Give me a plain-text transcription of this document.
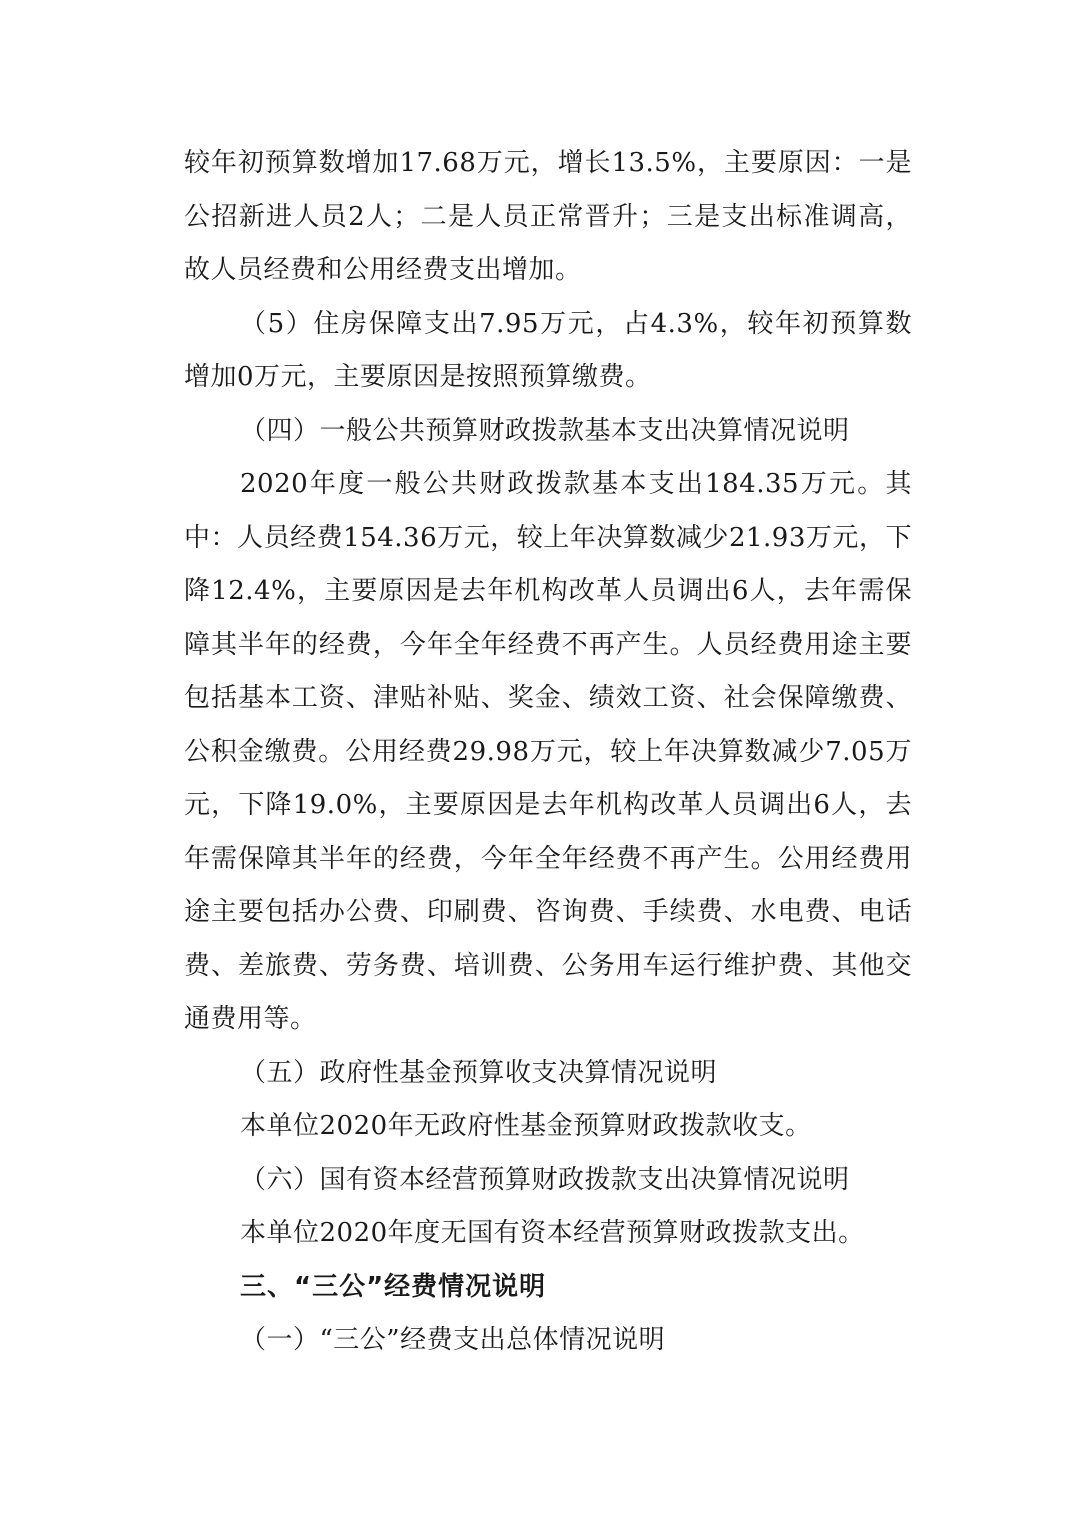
较年初预算数增加17.68万元，增长13.5%，主要原因：一是公招新进人员2人；二是人员正常晋升；三是支出标准调高，故人员经费和公用经费支出增加。

（5）住房保障支出7.95万元，占4.3%，较年初预算数增加0万元，主要原因是按照预算缴费。

（四）一般公共预算财政拨款基本支出决算情况说明

2020年度一般公共财政拨款基本支出184.35万元。其中：人员经费154.36万元，较上年决算数减少21.93万元，下降12.4%，主要原因是去年机构改革人员调出6人，去年需保障其半年的经费，今年全年经费不再产生。人员经费用途主要包括基本工资、津贴补贴、奖金、绩效工资、社会保障缴费、公积金缴费。公用经费29.98万元，较上年决算数减少7.05万元，下降19.0%，主要原因是去年机构改革人员调出6人，去年需保障其半年的经费，今年全年经费不再产生。公用经费用途主要包括办公费、印刷费、咨询费、手续费、水电费、电话费、差旅费、劳务费、培训费、公务用车运行维护费、其他交通费用等。

（五）政府性基金预算收支决算情况说明

本单位2020年无政府性基金预算财政拨款收支。

（六）国有资本经营预算财政拨款支出决算情况说明

本单位2020年度无国有资本经营预算财政拨款支出。

三、“三公”经费情况说明

（一）“三公”经费支出总体情况说明
